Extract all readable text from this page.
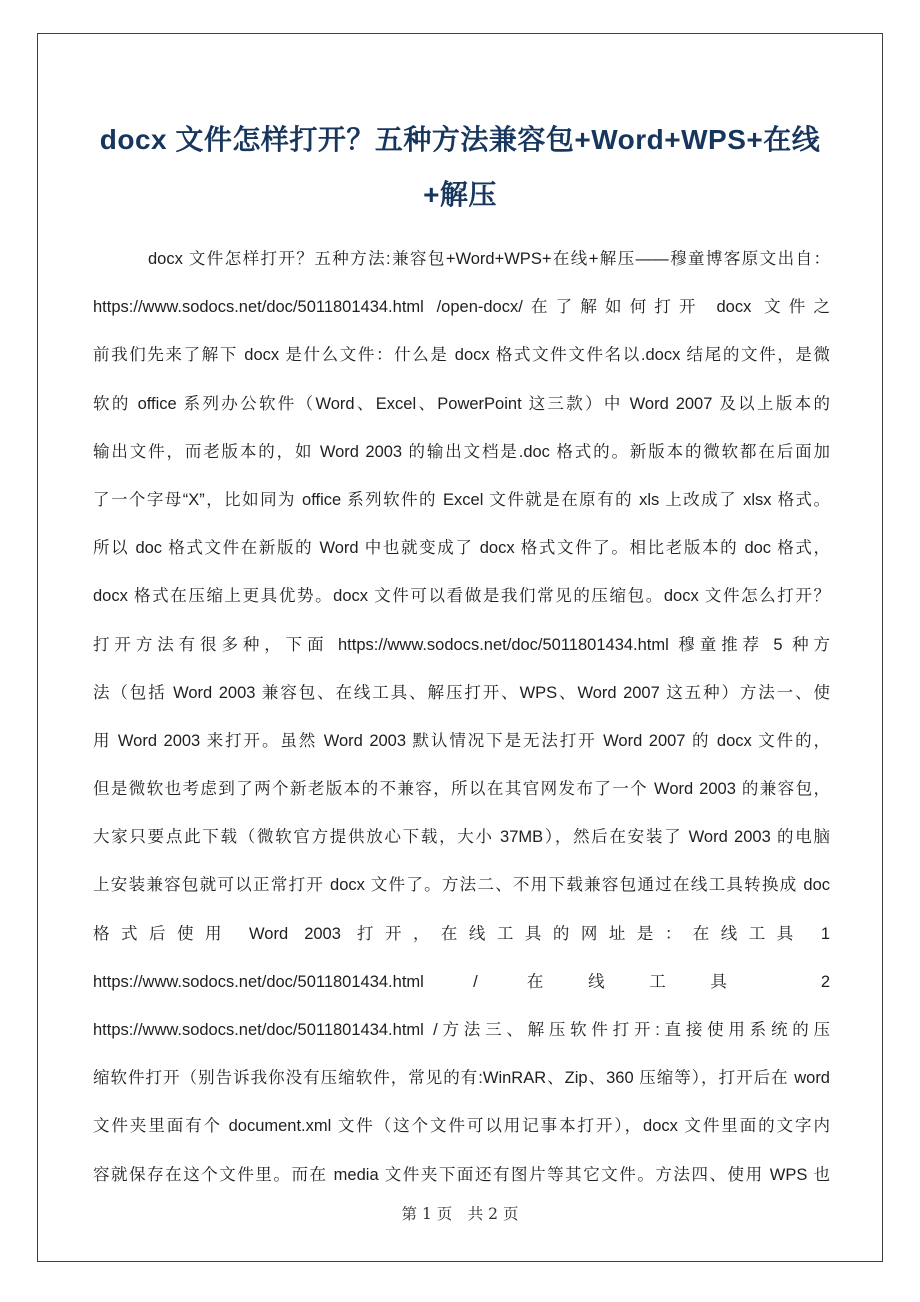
docx 文件怎样打开？五种方法兼容包+Word+WPS+在线
+解压
docx 文件怎样打开？五种方法:兼容包+Word+WPS+在线+解压——穆童博客原文出自：
https://www.sodocs.net/doc/5011801434.html /open-docx/在了解如何打开 docx 文件之
前我们先来了解下 docx 是什么文件：什么是 docx 格式文件文件名以.docx 结尾的文件，是微
软的 office 系列办公软件（Word、Excel、PowerPoint 这三款）中 Word 2007 及以上版本的
输出文件，而老版本的，如 Word 2003 的输出文档是.doc 格式的。新版本的微软都在后面加
了一个字母“X”，比如同为 office 系列软件的 Excel 文件就是在原有的 xls 上改成了 xlsx 格式。
所以 doc 格式文件在新版的 Word 中也就变成了 docx 格式文件了。相比老版本的 doc 格式，
docx 格式在压缩上更具优势。docx 文件可以看做是我们常见的压缩包。docx 文件怎么打开？
打开方法有很多种，下面 https://www.sodocs.net/doc/5011801434.html 穆童推荐 5 种方
法（包括 Word 2003 兼容包、在线工具、解压打开、WPS、Word 2007 这五种）方法一、使
用 Word 2003 来打开。虽然 Word 2003 默认情况下是无法打开 Word 2007 的 docx 文件的，
但是微软也考虑到了两个新老版本的不兼容，所以在其官网发布了一个 Word 2003 的兼容包，
大家只要点此下载（微软官方提供放心下载，大小 37MB），然后在安装了 Word 2003 的电脑
上安装兼容包就可以正常打开 docx 文件了。方法二、不用下载兼容包通过在线工具转换成 doc
格式后使用 Word 2003 打开，在线工具的网址是：在线工具 1
https://www.sodocs.net/doc/5011801434.html / 在线工具 2
https://www.sodocs.net/doc/5011801434.html /方法三、解压软件打开:直接使用系统的压
缩软件打开（别告诉我你没有压缩软件，常见的有:WinRAR、Zip、360 压缩等），打开后在 word
文件夹里面有个 document.xml 文件（这个文件可以用记事本打开），docx 文件里面的文字内
容就保存在这个文件里。而在 media 文件夹下面还有图片等其它文件。方法四、使用 WPS 也
第 1 页　共 2 页
